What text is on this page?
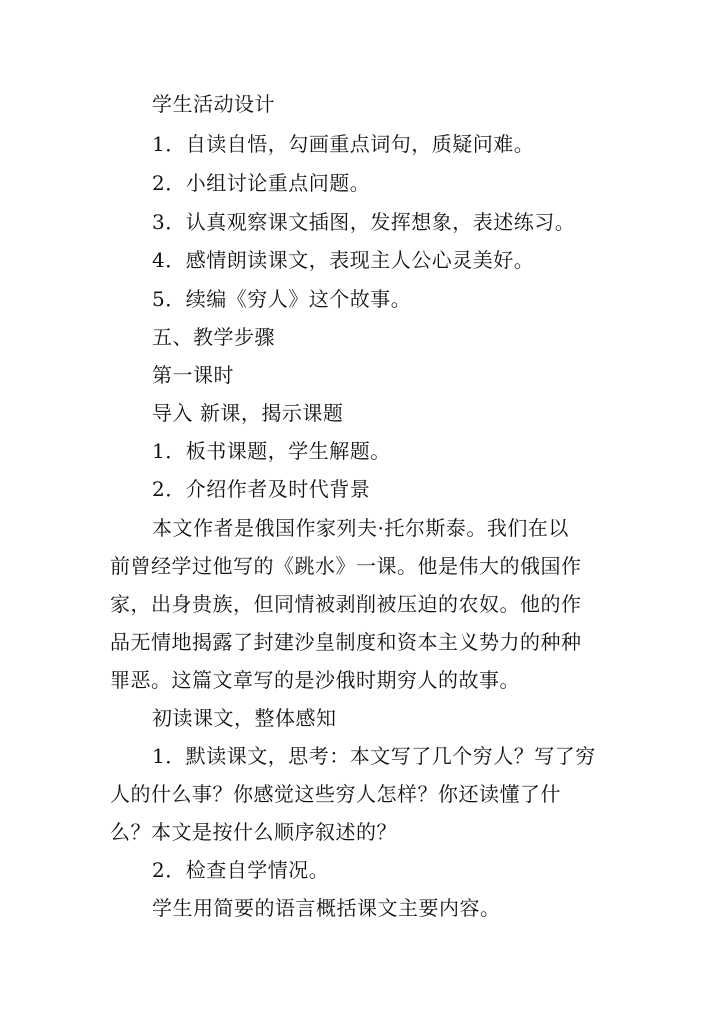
学生活动设计
1．自读自悟，勾画重点词句，质疑问难。
2．小组讨论重点问题。
3．认真观察课文插图，发挥想象，表述练习。
4．感情朗读课文，表现主人公心灵美好。
5．续编《穷人》这个故事。
五、教学步骤
第一课时
导入 新课，揭示课题
1．板书课题，学生解题。
2．介绍作者及时代背景
本文作者是俄国作家列夫·托尔斯泰。我们在以
前曾经学过他写的《跳水》一课。他是伟大的俄国作
家，出身贵族，但同情被剥削被压迫的农奴。他的作
品无情地揭露了封建沙皇制度和资本主义势力的种种
罪恶。这篇文章写的是沙俄时期穷人的故事。
初读课文，整体感知
1．默读课文，思考：本文写了几个穷人？写了穷
人的什么事？你感觉这些穷人怎样？你还读懂了什
么？本文是按什么顺序叙述的？
2．检查自学情况。
学生用简要的语言概括课文主要内容。
